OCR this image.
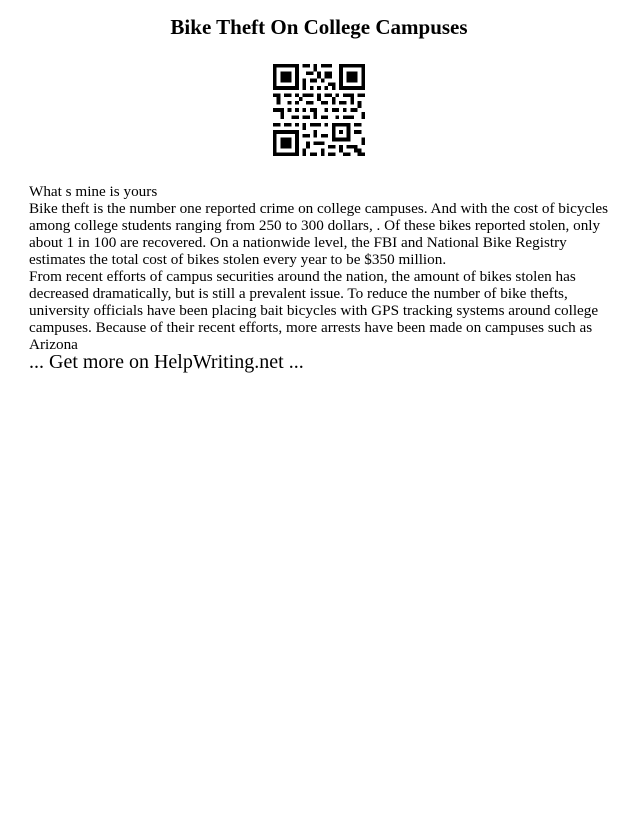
Bike Theft On College Campuses

What s mine is yours

Bike theft is the number one reported crime on college campuses. And with the cost of bicycles among college students ranging from 250 to 300 dollars, . Of these bikes reported stolen, only about 1 in 100 are recovered. On a nationwide level, the FBI and National Bike Registry estimates the total cost of bikes stolen every year to be $350 million.

From recent efforts of campus securities around the nation, the amount of bikes stolen has decreased dramatically, but is still a prevalent issue. To reduce the number of bike thefts, university officials have been placing bait bicycles with GPS tracking systems around college campuses. Because of their recent efforts, more arrests have been made on campuses such as Arizona

... Get more on HelpWriting.net ...
